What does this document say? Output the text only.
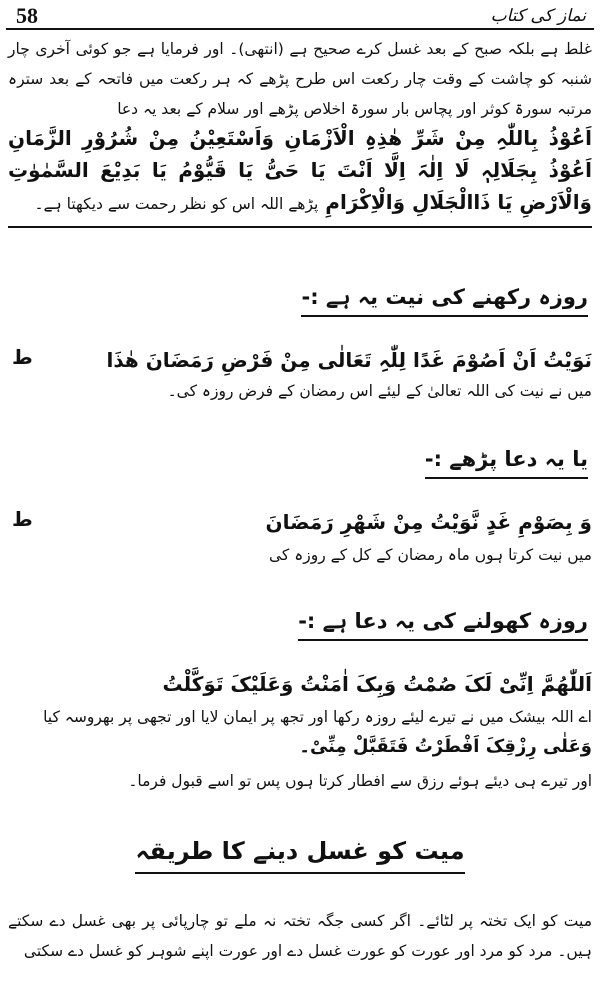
58	نماز کی کتاب
غلط ہے بلکہ صبح کے بعد غسل کرے صحیح ہے (انتھی)۔ اور فرمایا ہے جو کوئی آخری چار شنبہ کو چاشت کے وقت چار رکعت اس طرح پڑھے کہ ہر رکعت میں فاتحہ کے بعد سترہ مرتبہ سورۃ کوثر اور پچاس بار سورۃ اخلاص پڑھے اور سلام کے بعد یہ دعا
اَعُوْذُ بِاللّٰہِ مِنْ شَرِّ ھٰذِہِ الْاَزْمَانِ وَاَسْتَعِیْنُ مِنْ شُرُوْرِ الزَّمَانِ اَعُوْذُ بِجَلَالِہٖ لَا اِلٰہَ اِلَّا اَنْتَ یَا حَیُّ یَا قَیُّوْمُ یَا بَدِیْعَ السَّمٰوٰتِ وَالْاَرْضِ یَا ذَاالْجَلَالِ وَالْاِکْرَامِ پڑھے اللہ اس کو نظر رحمت سے دیکھتا ہے۔
روزہ رکھنے کی نیت یہ ہے :-
نَوَیْتُ اَنْ اَصُوْمَ غَدًا لِلّٰہِ تَعَالٰی مِنْ فَرْضِ رَمَضَانَ ھٰذَا
ط
میں نے نیت کی اللہ تعالیٰ کے لیئے اس رمضان کے فرض روزہ کی۔
یا یہ دعا پڑھے :-
وَ بِصَوْمِ غَدٍ نَّوَیْتُ مِنْ شَھْرِ رَمَضَانَ
ط
میں نیت کرتا ہوں ماہ رمضان کے کل کے روزہ کی
روزہ کھولنے کی یہ دعا ہے :-
اَللّٰھُمَّ اِنِّیْ لَکَ صُمْتُ وَبِکَ اٰمَنْتُ وَعَلَیْکَ تَوَکَّلْتُ
اے اللہ بیشک میں نے تیرے لیئے روزہ رکھا اور تجھ پر ایمان لایا اور تجھی پر بھروسہ کیا
وَعَلٰی رِزْقِکَ اَفْطَرْتُ فَتَقَبَّلْ مِنِّیْ۔
اور تیرے ہی دیئے ہوئے رزق سے افطار کرتا ہوں پس تو اسے قبول فرما۔
میت کو غسل دینے کا طریقہ
میت کو ایک تختہ پر لٹائے۔ اگر کسی جگہ تختہ نہ ملے تو چارپائی پر بھی غسل دے سکتے ہیں۔ مرد کو مرد اور عورت کو عورت غسل دے اور عورت اپنے شوہر کو غسل دے سکتی
